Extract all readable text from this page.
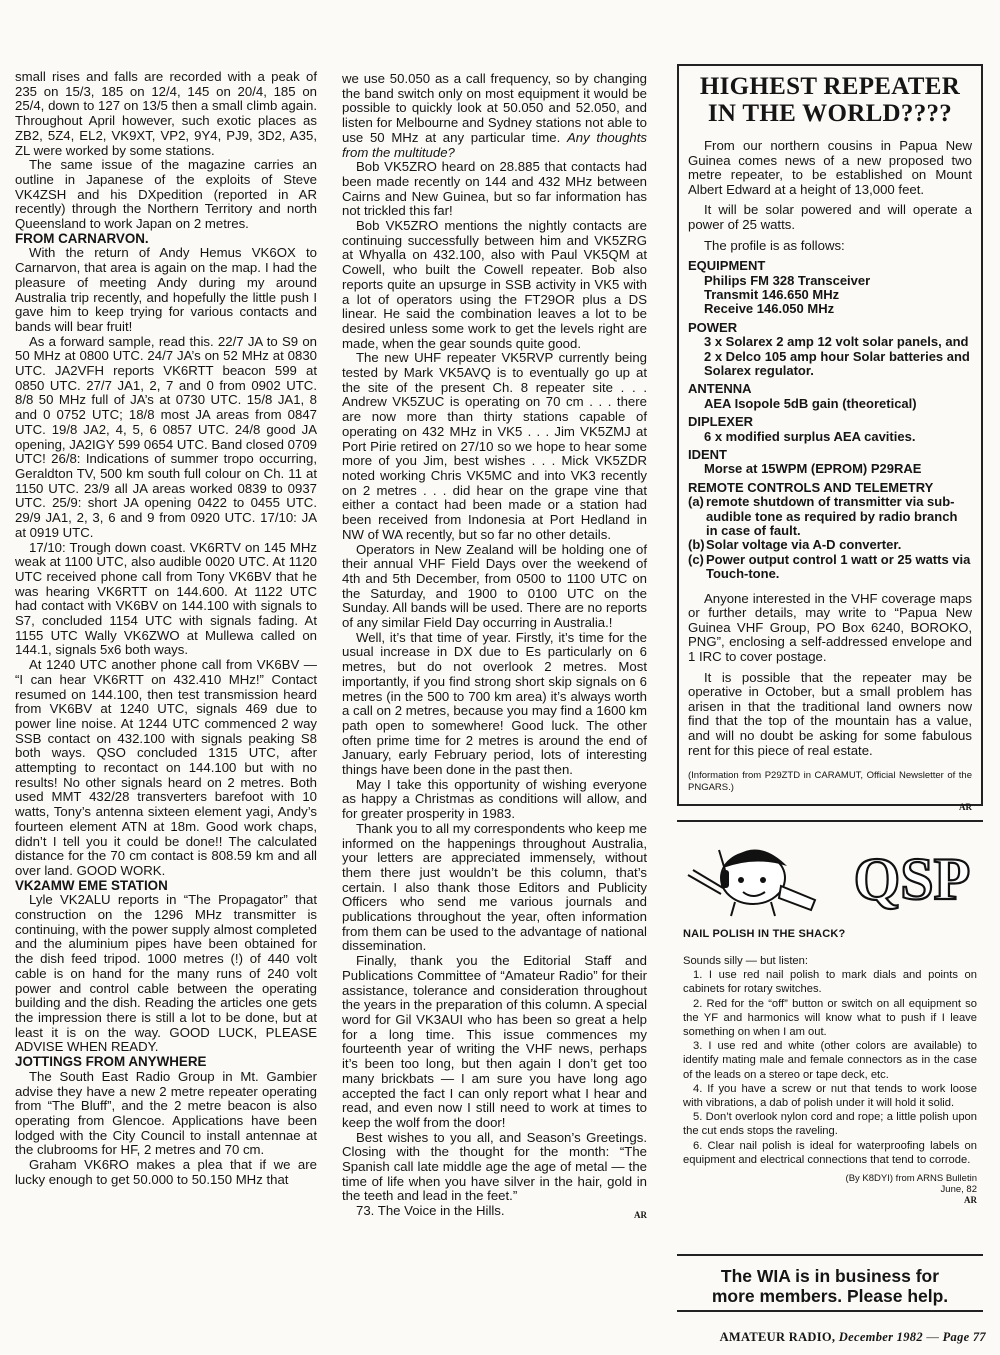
small rises and falls are recorded with a peak of 235 on 15/3, 185 on 12/4, 145 on 20/4, 185 on 25/4, down to 127 on 13/5 then a small climb again. Throughout April however, such exotic places as ZB2, 5Z4, EL2, VK9XT, VP2, 9Y4, PJ9, 3D2, A35, ZL were worked by some stations.

The same issue of the magazine carries an outline in Japanese of the exploits of Steve VK4ZSH and his DXpedition (reported in AR recently) through the Northern Territory and north Queensland to work Japan on 2 metres.

FROM CARNARVON.

With the return of Andy Hemus VK6OX to Carnarvon, that area is again on the map. I had the pleasure of meeting Andy during my around Australia trip recently, and hopefully the little push I gave him to keep trying for various contacts and bands will bear fruit!

As a forward sample, read this. 22/7 JA to S9 on 50 MHz at 0800 UTC. 24/7 JA’s on 52 MHz at 0830 UTC. JA2VFH reports VK6RTT beacon 599 at 0850 UTC. 27/7 JA1, 2, 7 and 0 from 0902 UTC. 8/8 50 MHz full of JA’s at 0730 UTC. 15/8 JA1, 8 and 0 0752 UTC; 18/8 most JA areas from 0847 UTC. 19/8 JA2, 4, 5, 6 0857 UTC. 24/8 good JA opening, JA2IGY 599 0654 UTC. Band closed 0709 UTC! 26/8: Indications of summer tropo occurring, Geraldton TV, 500 km south full colour on Ch. 11 at 1150 UTC. 23/9 all JA areas worked 0839 to 0937 UTC. 25/9: short JA opening 0422 to 0455 UTC. 29/9 JA1, 2, 3, 6 and 9 from 0920 UTC. 17/10: JA at 0919 UTC.

17/10: Trough down coast. VK6RTV on 145 MHz weak at 1100 UTC, also audible 0020 UTC. At 1120 UTC received phone call from Tony VK6BV that he was hearing VK6RTT on 144.600. At 1122 UTC had contact with VK6BV on 144.100 with signals to S7, concluded 1154 UTC with signals fading. At 1155 UTC Wally VK6ZWO at Mullewa called on 144.1, signals 5x6 both ways.

At 1240 UTC another phone call from VK6BV — “I can hear VK6RTT on 432.410 MHz!” Contact resumed on 144.100, then test transmission heard from VK6BV at 1240 UTC, signals 469 due to power line noise. At 1244 UTC commenced 2 way SSB contact on 432.100 with signals peaking S8 both ways. QSO concluded 1315 UTC, after attempting to recontact on 144.100 but with no results! No other signals heard on 2 metres. Both used MMT 432/28 transverters barefoot with 10 watts, Tony’s antenna sixteen element yagi, Andy’s fourteen element ATN at 18m. Good work chaps, didn’t I tell you it could be done!! The calculated distance for the 70 cm contact is 808.59 km and all over land. GOOD WORK.

VK2AMW EME STATION

Lyle VK2ALU reports in “The Propagator” that construction on the 1296 MHz transmitter is continuing, with the power supply almost completed and the aluminium pipes have been obtained for the dish feed tripod. 1000 metres (!) of 440 volt cable is on hand for the many runs of 240 volt power and control cable between the operating building and the dish. Reading the articles one gets the impression there is still a lot to be done, but at least it is on the way. GOOD LUCK, PLEASE ADVISE WHEN READY.

JOTTINGS FROM ANYWHERE

The South East Radio Group in Mt. Gambier advise they have a new 2 metre repeater operating from “The Bluff”, and the 2 metre beacon is also operating from Glencoe. Applications have been lodged with the City Council to install antennae at the clubrooms for HF, 2 metres and 70 cm.

Graham VK6RO makes a plea that if we are lucky enough to get 50.000 to 50.150 MHz that

we use 50.050 as a call frequency, so by changing the band switch only on most equipment it would be possible to quickly look at 50.050 and 52.050, and listen for Melbourne and Sydney stations not able to use 50 MHz at any particular time. Any thoughts from the multitude?

Bob VK5ZRO heard on 28.885 that contacts had been made recently on 144 and 432 MHz between Cairns and New Guinea, but so far information has not trickled this far!

Bob VK5ZRO mentions the nightly contacts are continuing successfully between him and VK5ZRG at Whyalla on 432.100, also with Paul VK5QM at Cowell, who built the Cowell repeater. Bob also reports quite an upsurge in SSB activity in VK5 with a lot of operators using the FT29OR plus a DS linear. He said the combination leaves a lot to be desired unless some work to get the levels right are made, when the gear sounds quite good.

The new UHF repeater VK5RVP currently being tested by Mark VK5AVQ is to eventually go up at the site of the present Ch. 8 repeater site . . . Andrew VK5ZUC is operating on 70 cm . . . there are now more than thirty stations capable of operating on 432 MHz in VK5 . . . Jim VK5ZMJ at Port Pirie retired on 27/10 so we hope to hear some more of you Jim, best wishes . . . Mick VK5ZDR noted working Chris VK5MC and into VK3 recently on 2 metres . . . did hear on the grape vine that either a contact had been made or a station had been received from Indonesia at Port Hedland in NW of WA recently, but so far no other details.

Operators in New Zealand will be holding one of their annual VHF Field Days over the weekend of 4th and 5th December, from 0500 to 1100 UTC on the Saturday, and 1900 to 0100 UTC on the Sunday. All bands will be used. There are no reports of any similar Field Day occurring in Australia.!

Well, it’s that time of year. Firstly, it’s time for the usual increase in DX due to Es particularly on 6 metres, but do not overlook 2 metres. Most importantly, if you find strong short skip signals on 6 metres (in the 500 to 700 km area) it’s always worth a call on 2 metres, because you may find a 1600 km path open to somewhere! Good luck. The other often prime time for 2 metres is around the end of January, early February period, lots of interesting things have been done in the past then.

May I take this opportunity of wishing everyone as happy a Christmas as conditions will allow, and for greater prosperity in 1983.

Thank you to all my correspondents who keep me informed on the happenings throughout Australia, your letters are appreciated immensely, without them there just wouldn’t be this column, that’s certain. I also thank those Editors and Publicity Officers who send me various journals and publications throughout the year, often information from them can be used to the advantage of national dissemination.

Finally, thank you the Editorial Staff and Publications Committee of “Amateur Radio” for their assistance, tolerance and consideration throughout the years in the preparation of this column. A special word for Gil VK3AUI who has been so great a help for a long time. This issue commences my fourteenth year of writing the VHF news, perhaps it’s been too long, but then again I don’t get too many brickbats — I am sure you have long ago accepted the fact I can only report what I hear and read, and even now I still need to work at times to keep the wolf from the door!

Best wishes to you all, and Season’s Greetings. Closing with the thought for the month: “The Spanish call late middle age the age of metal — the time of life when you have silver in the hair, gold in the teeth and lead in the feet.”

73. The Voice in the Hills.	AR

HIGHEST REPEATER IN THE WORLD????

From our northern cousins in Papua New Guinea comes news of a new proposed two metre repeater, to be established on Mount Albert Edward at a height of 13,000 feet.

It will be solar powered and will operate a power of 25 watts.

The profile is as follows:

EQUIPMENT
Philips FM 328 Transceiver
Transmit 146.650 MHz
Receive 146.050 MHz
POWER
3 x Solarex 2 amp 12 volt solar panels, and 2 x Delco 105 amp hour Solar batteries and Solarex regulator.
ANTENNA
AEA Isopole 5dB gain (theoretical)
DIPLEXER
6 x modified surplus AEA cavities.
IDENT
Morse at 15WPM (EPROM) P29RAE
REMOTE CONTROLS AND TELEMETRY
(a) remote shutdown of transmitter via sub-audible tone as required by radio branch in case of fault.
(b) Solar voltage via A-D converter.
(c) Power output control 1 watt or 25 watts via Touch-tone.

Anyone interested in the VHF coverage maps or further details, may write to “Papua New Guinea VHF Group, PO Box 6240, BOROKO, PNG”, enclosing a self-addressed envelope and 1 IRC to cover postage.

It is possible that the repeater may be operative in October, but a small problem has arisen in that the traditional land owners now find that the top of the mountain has a value, and will no doubt be asking for some fabulous rent for this piece of real estate.

(Information from P29ZTD in CARAMUT, Official Newsletter of the PNGARS.)

AR

QSP
NAIL POLISH IN THE SHACK?

Sounds silly — but listen:

1. I use red nail polish to mark dials and points on cabinets for rotary switches.

2. Red for the “off” button or switch on all equipment so the YF and harmonics will know what to push if I leave something on when I am out.

3. I use red and white (other colors are available) to identify mating male and female connectors as in the case of the leads on a stereo or tape deck, etc.

4. If you have a screw or nut that tends to work loose with vibrations, a dab of polish under it will hold it solid.

5. Don’t overlook nylon cord and rope; a little polish upon the cut ends stops the raveling.

6. Clear nail polish is ideal for waterproofing labels on equipment and electrical connections that tend to corrode.

(By K8DYI) from ARNS Bulletin
June, 82
AR
The WIA is in business for
more members. Please help.
AMATEUR RADIO, December 1982 — Page 77
